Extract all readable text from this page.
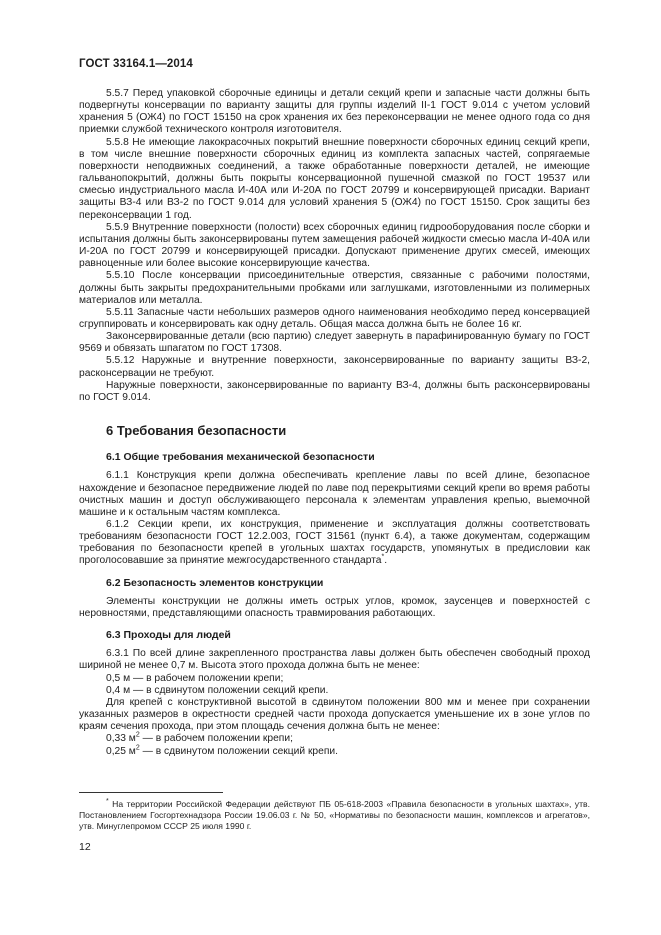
ГОСТ 33164.1—2014

5.5.7 Перед упаковкой сборочные единицы и детали секций крепи и запасные части должны быть подвергнуты консервации по варианту защиты для группы изделий II-1 ГОСТ 9.014 с учетом условий хранения 5 (ОЖ4) по ГОСТ 15150 на срок хранения их без переконсервации не менее одного года со дня приемки службой технического контроля изготовителя.

5.5.8 Не имеющие лакокрасочных покрытий внешние поверхности сборочных единиц секций крепи, в том числе внешние поверхности сборочных единиц из комплекта запасных частей, сопрягаемые поверхности неподвижных соединений, а также обработанные поверхности деталей, не имеющие гальванопокрытий, должны быть покрыты консервационной пушечной смазкой по ГОСТ 19537 или смесью индустриального масла И-40А или И-20А по ГОСТ 20799 и консервирующей присадки. Вариант защиты ВЗ-4 или ВЗ-2 по ГОСТ 9.014 для условий хранения 5 (ОЖ4) по ГОСТ 15150. Срок защиты без переконсервации 1 год.

5.5.9 Внутренние поверхности (полости) всех сборочных единиц гидрооборудования после сборки и испытания должны быть законсервированы путем замещения рабочей жидкости смесью масла И-40А или И-20А по ГОСТ 20799 и консервирующей присадки. Допускают применение других смесей, имеющих равноценные или более высокие консервирующие качества.

5.5.10 После консервации присоединительные отверстия, связанные с рабочими полостями, должны быть закрыты предохранительными пробками или заглушками, изготовленными из полимерных материалов или металла.

5.5.11 Запасные части небольших размеров одного наименования необходимо перед консервацией сгруппировать и консервировать как одну деталь. Общая масса должна быть не более 16 кг.

Законсервированные детали (всю партию) следует завернуть в парафинированную бумагу по ГОСТ 9569 и обвязать шпагатом по ГОСТ 17308.

5.5.12 Наружные и внутренние поверхности, законсервированные по варианту защиты ВЗ-2, расконсервации не требуют.

Наружные поверхности, законсервированные по варианту ВЗ-4, должны быть расконсервированы по ГОСТ 9.014.

6 Требования безопасности
6.1 Общие требования механической безопасности

6.1.1 Конструкция крепи должна обеспечивать крепление лавы по всей длине, безопасное нахождение и безопасное передвижение людей по лаве под перекрытиями секций крепи во время работы очистных машин и доступ обслуживающего персонала к элементам управления крепью, выемочной машине и к остальным частям комплекса.

6.1.2 Секции крепи, их конструкция, применение и эксплуатация должны соответствовать требованиям безопасности ГОСТ 12.2.003, ГОСТ 31561 (пункт 6.4), а также документам, содержащим требования по безопасности крепей в угольных шахтах государств, упомянутых в предисловии как проголосовавшие за принятие межгосударственного стандарта*.

6.2 Безопасность элементов конструкции

Элементы конструкции не должны иметь острых углов, кромок, заусенцев и поверхностей с неровностями, представляющими опасность травмирования работающих.

6.3 Проходы для людей

6.3.1 По всей длине закрепленного пространства лавы должен быть обеспечен свободный проход шириной не менее 0,7 м. Высота этого прохода должна быть не менее:

0,5 м — в рабочем положении крепи;

0,4 м — в сдвинутом положении секций крепи.

Для крепей с конструктивной высотой в сдвинутом положении 800 мм и менее при сохранении указанных размеров в окрестности средней части прохода допускается уменьшение их в зоне углов по краям сечения прохода, при этом площадь сечения должна быть не менее:

0,33 $м^2$ — в рабочем положении крепи;

0,25 $м^2$ — в сдвинутом положении секций крепи.

* На территории Российской Федерации действуют ПБ 05-618-2003 «Правила безопасности в угольных шахтах», утв. Постановлением Госгортехнадзора России 19.06.03 г. № 50, «Нормативы по безопасности машин, комплексов и агрегатов», утв. Минуглепромом СССР 25 июля 1990 г.

12
